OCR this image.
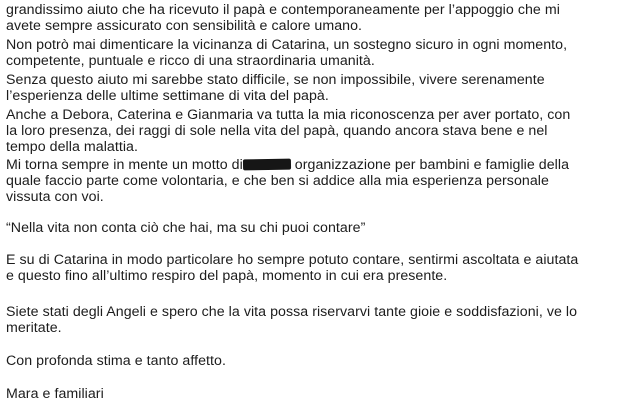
grandissimo aiuto che ha ricevuto il papà e contemporaneamente per l’appoggio che mi
avete sempre assicurato con sensibilità e calore umano.
Non potrò mai dimenticare la vicinanza di Catarina, un sostegno sicuro in ogni momento,
competente, puntuale e ricco di una straordinaria umanità.
Senza questo aiuto mi sarebbe stato difficile, se non impossibile, vivere serenamente
l’esperienza delle ultime settimane di vita del papà.
Anche a Debora, Caterina e Gianmaria va tutta la mia riconoscenza per aver portato, con
la loro presenza, dei raggi di sole nella vita del papà, quando ancora stava bene e nel
tempo della malattia.
Mi torna sempre in mente un motto di	organizzazione per bambini e famiglie della
quale faccio parte come volontaria, e che ben si addice alla mia esperienza personale
vissuta con voi.
“Nella vita non conta ciò che hai, ma su chi puoi contare”
E su di Catarina in modo particolare ho sempre potuto contare, sentirmi ascoltata e aiutata
e questo fino all’ultimo respiro del papà, momento in cui era presente.
Siete stati degli Angeli e spero che la vita possa riservarvi tante gioie e soddisfazioni, ve lo
meritate.
Con profonda stima e tanto affetto.
Mara e familiari
